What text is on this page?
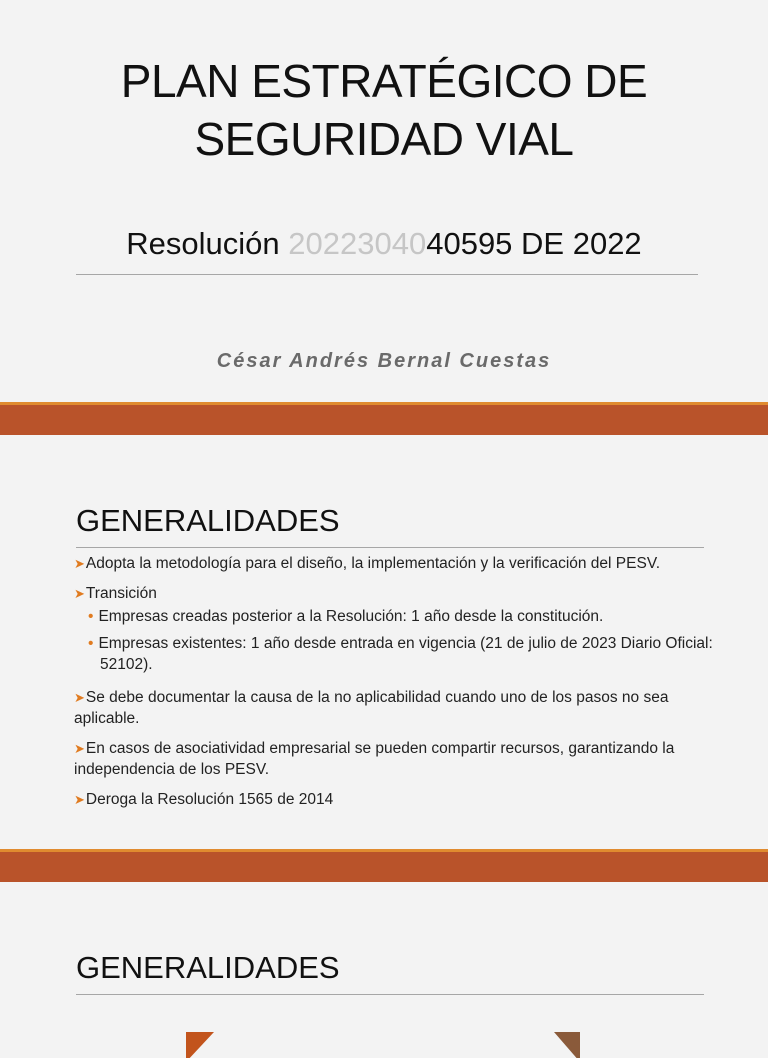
PLAN ESTRATÉGICO DE
SEGURIDAD VIAL
Resolución 2022304040595 DE 2022
César Andrés Bernal Cuestas
GENERALIDADES
➤Adopta la metodología para el diseño, la implementación y la verificación del PESV.
➤Transición
• Empresas creadas posterior a la Resolución: 1 año desde la constitución.
• Empresas existentes: 1 año desde entrada en vigencia (21 de julio de 2023 Diario Oficial: 52102).
➤Se debe documentar la causa de la no aplicabilidad cuando uno de los pasos no sea aplicable.
➤En casos de asociatividad empresarial se pueden compartir recursos, garantizando la independencia de los PESV.
➤Deroga la Resolución 1565 de 2014
GENERALIDADES
